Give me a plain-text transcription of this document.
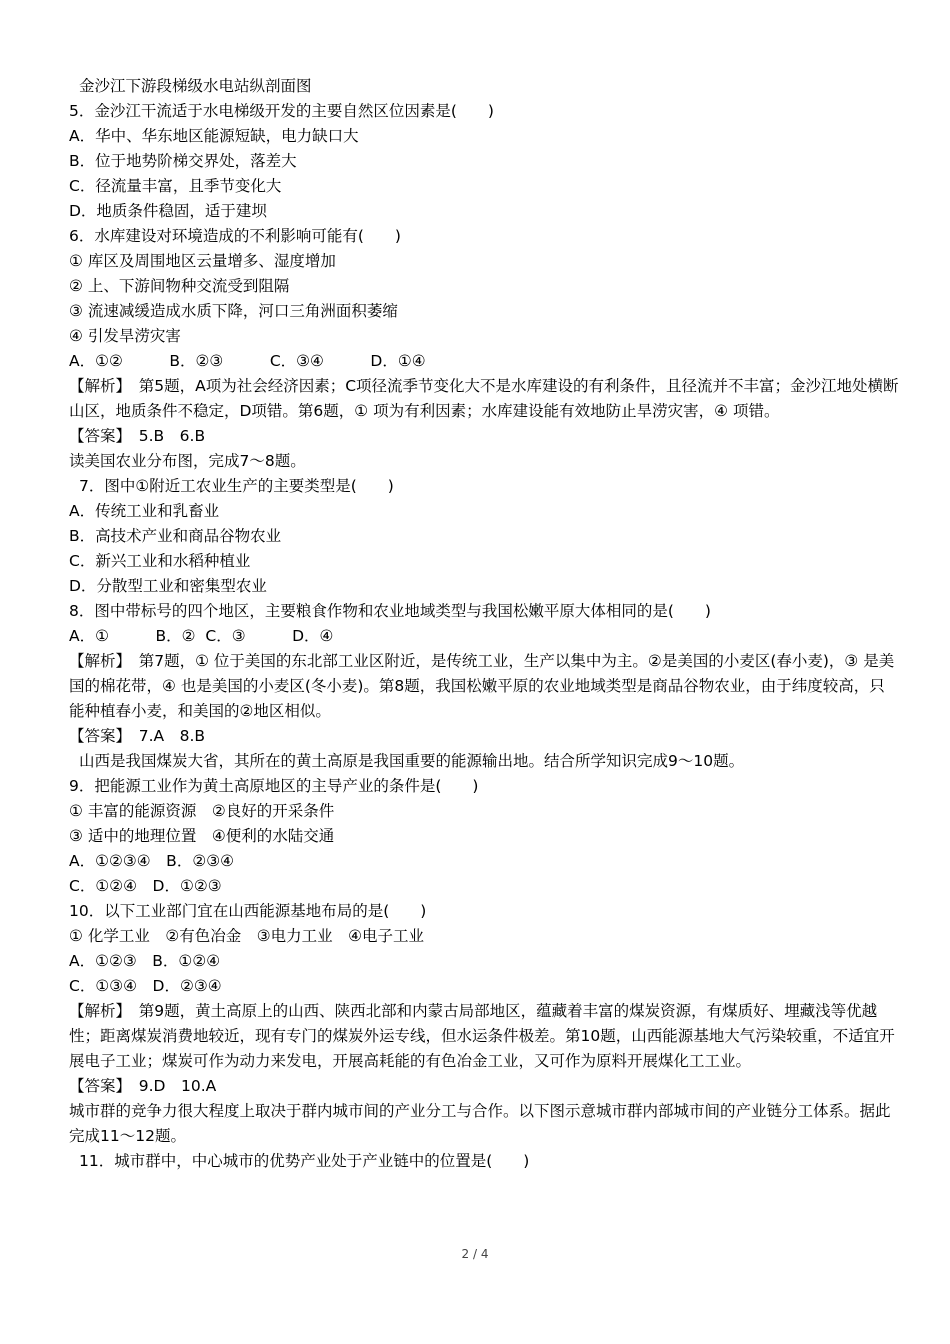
金沙江下游段梯级水电站纵剖面图
5．金沙江干流适于水电梯级开发的主要自然区位因素是(　　)
A．华中、华东地区能源短缺，电力缺口大
B．位于地势阶梯交界处，落差大
C．径流量丰富，且季节变化大
D．地质条件稳固，适于建坝
6．水库建设对环境造成的不利影响可能有(　　)
① 库区及周围地区云量增多、湿度增加
② 上、下游间物种交流受到阻隔
③ 流速减缓造成水质下降，河口三角洲面积萎缩
④ 引发旱涝灾害
A．①②　　　B．②③　　　C．③④　　　D．①④
【解析】　第5题，A项为社会经济因素；C项径流季节变化大不是水库建设的有利条件，且径流并不丰富；金沙江地处横断山区，地质条件不稳定，D项错。第6题，① 项为有利因素；水库建设能有效地防止旱涝灾害，④ 项错。
【答案】　5.B　6.B
读美国农业分布图，完成7～8题。
7．图中①附近工农业生产的主要类型是(　　)
A．传统工业和乳畜业
B．高技术产业和商品谷物农业
C．新兴工业和水稻种植业
D．分散型工业和密集型农业
8．图中带标号的四个地区，主要粮食作物和农业地域类型与我国松嫩平原大体相同的是(　　)
A．①　　　B．②  C．③　　　D．④
【解析】　第7题，① 位于美国的东北部工业区附近，是传统工业，生产以集中为主。②是美国的小麦区(春小麦)，③ 是美国的棉花带，④ 也是美国的小麦区(冬小麦)。第8题，我国松嫩平原的农业地域类型是商品谷物农业，由于纬度较高，只能种植春小麦，和美国的②地区相似。
【答案】　7.A　8.B
山西是我国煤炭大省，其所在的黄土高原是我国重要的能源输出地。结合所学知识完成9～10题。
9．把能源工业作为黄土高原地区的主导产业的条件是(　　)
① 丰富的能源资源　②良好的开采条件
③ 适中的地理位置　④便利的水陆交通
A．①②③④　B．②③④
C．①②④　D．①②③
10．以下工业部门宜在山西能源基地布局的是(　　)
① 化学工业　②有色冶金　③电力工业　④电子工业
A．①②③　B．①②④
C．①③④　D．②③④
【解析】　第9题，黄土高原上的山西、陕西北部和内蒙古局部地区，蕴藏着丰富的煤炭资源，有煤质好、埋藏浅等优越性；距离煤炭消费地较近，现有专门的煤炭外运专线，但水运条件极差。第10题，山西能源基地大气污染较重，不适宜开展电子工业；煤炭可作为动力来发电，开展高耗能的有色冶金工业，又可作为原料开展煤化工工业。
【答案】　9.D　10.A
城市群的竞争力很大程度上取决于群内城市间的产业分工与合作。以下图示意城市群内部城市间的产业链分工体系。据此完成11～12题。
11．城市群中，中心城市的优势产业处于产业链中的位置是(　　)
2 / 4
